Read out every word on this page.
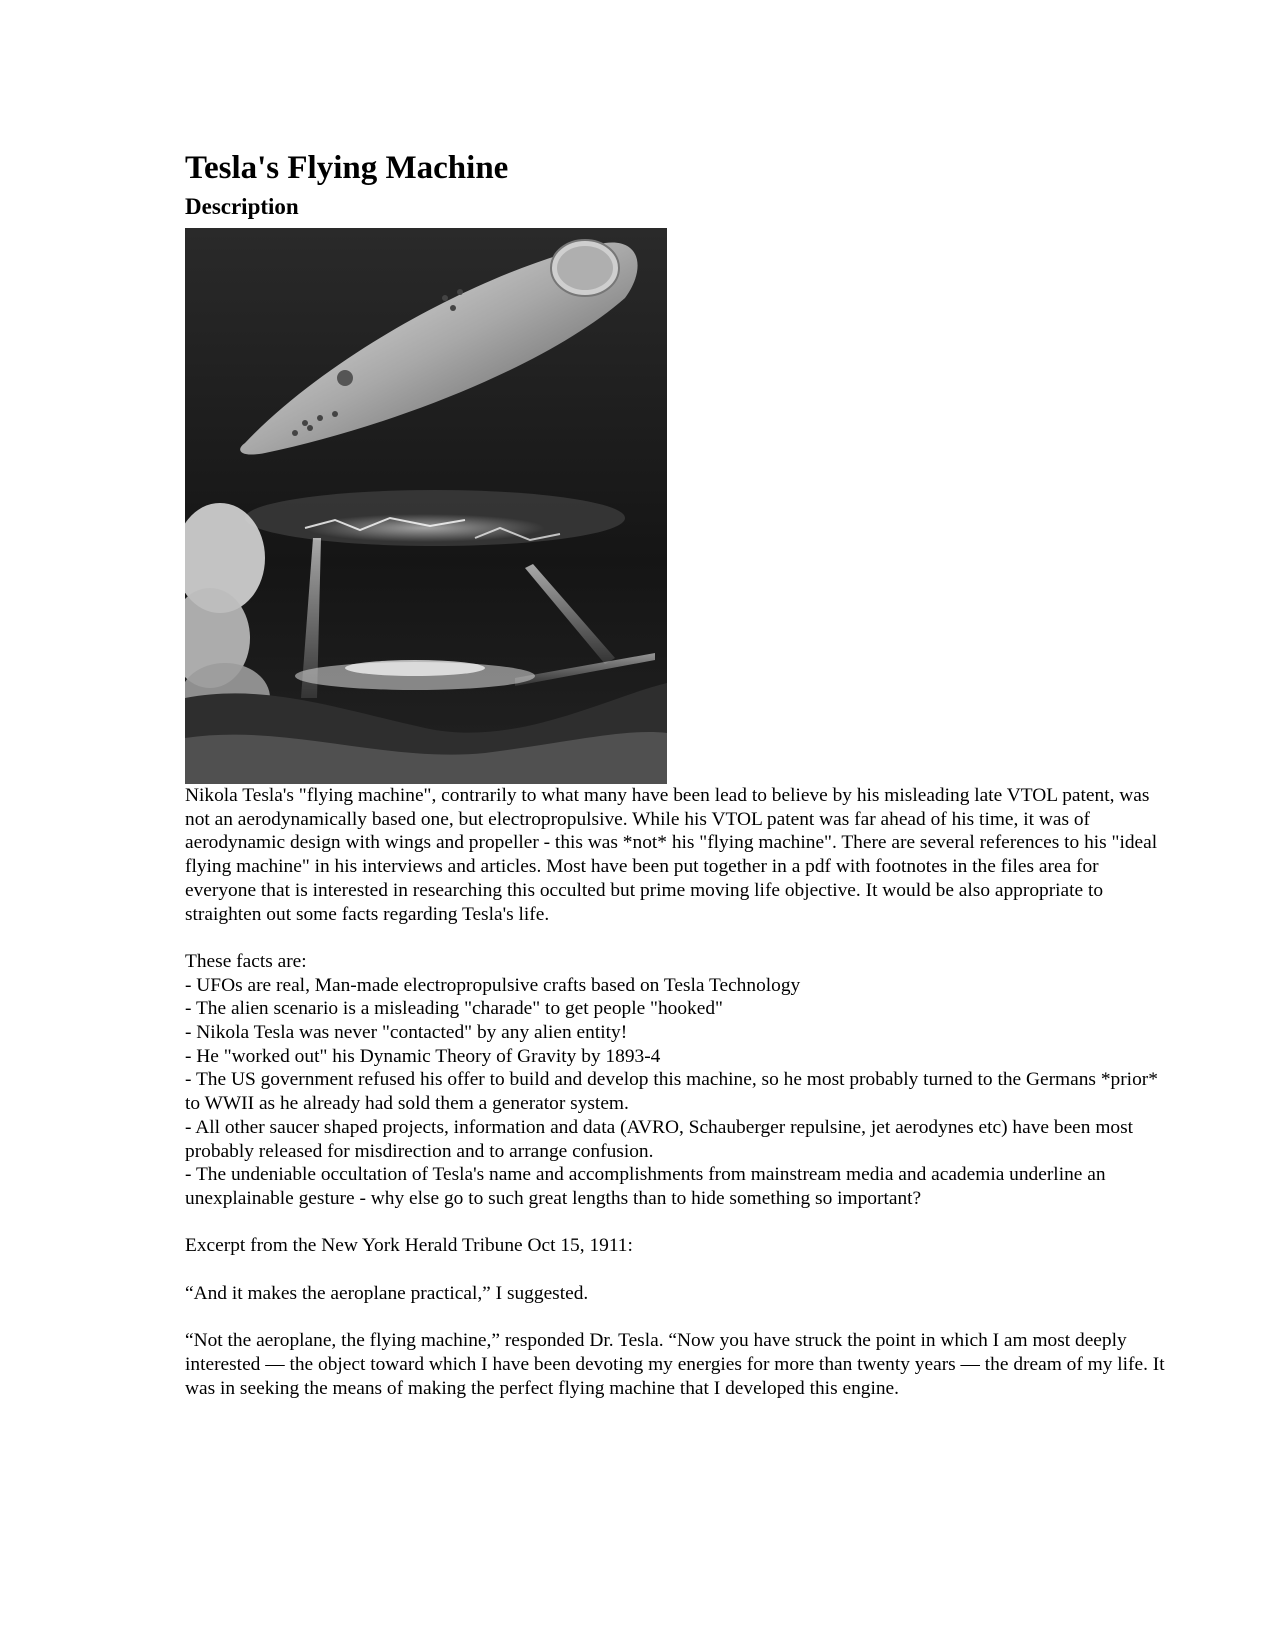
Tesla's Flying Machine
Description

Nikola Tesla's "flying machine", contrarily to what many have been lead to believe by his misleading late VTOL patent, was not an aerodynamically based one, but electropropulsive. While his VTOL patent was far ahead of his time, it was of aerodynamic design with wings and propeller - this was *not* his "flying machine". There are several references to his "ideal flying machine" in his interviews and articles. Most have been put together in a pdf with footnotes in the files area for everyone that is interested in researching this occulted but prime moving life objective. It would be also appropriate to straighten out some facts regarding Tesla's life.

These facts are:

- UFOs are real, Man-made electropropulsive crafts based on Tesla Technology
- The alien scenario is a misleading "charade" to get people "hooked"
- Nikola Tesla was never "contacted" by any alien entity!
- He "worked out" his Dynamic Theory of Gravity by 1893-4
- The US government refused his offer to build and develop this machine, so he most probably turned to the Germans *prior* to WWII as he already had sold them a generator system.
- All other saucer shaped projects, information and data (AVRO, Schauberger repulsine, jet aerodynes etc) have been most probably released for misdirection and to arrange confusion.
- The undeniable occultation of Tesla's name and accomplishments from mainstream media and academia underline an unexplainable gesture - why else go to such great lengths than to hide something so important?

Excerpt from the New York Herald Tribune Oct 15, 1911:

“And it makes the aeroplane practical,” I suggested.

“Not the aeroplane, the flying machine,” responded Dr. Tesla. “Now you have struck the point in which I am most deeply interested — the object toward which I have been devoting my energies for more than twenty years — the dream of my life. It was in seeking the means of making the perfect flying machine that I developed this engine.
